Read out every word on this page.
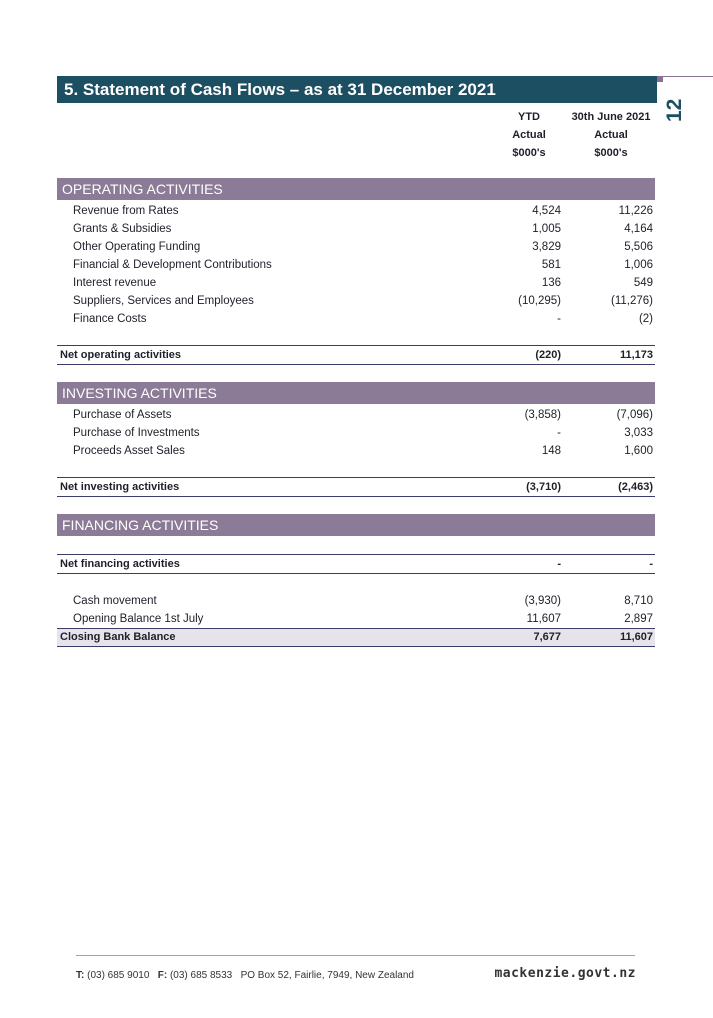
5. Statement of Cash Flows – as at 31 December 2021
12
YTD
Actual
$000's
30th June 2021
Actual
$000's
OPERATING ACTIVITIES
Revenue from Rates	4,524	11,226
Grants & Subsidies	1,005	4,164
Other Operating Funding	3,829	5,506
Financial & Development Contributions	581	1,006
Interest revenue	136	549
Suppliers, Services and Employees	(10,295)	(11,276)
Finance Costs	-	(2)
Net operating activities	(220)	11,173
INVESTING ACTIVITIES
Purchase of Assets	(3,858)	(7,096)
Purchase of Investments	-	3,033
Proceeds Asset Sales	148	1,600
Net investing activities	(3,710)	(2,463)
FINANCING ACTIVITIES
Net financing activities	-	-
Cash movement	(3,930)	8,710
Opening Balance 1st July	11,607	2,897
Closing Bank Balance	7,677	11,607
T: (03) 685 9010   F: (03) 685 8533   PO Box 52, Fairlie, 7949, New Zealand	mackenzie.govt.nz
